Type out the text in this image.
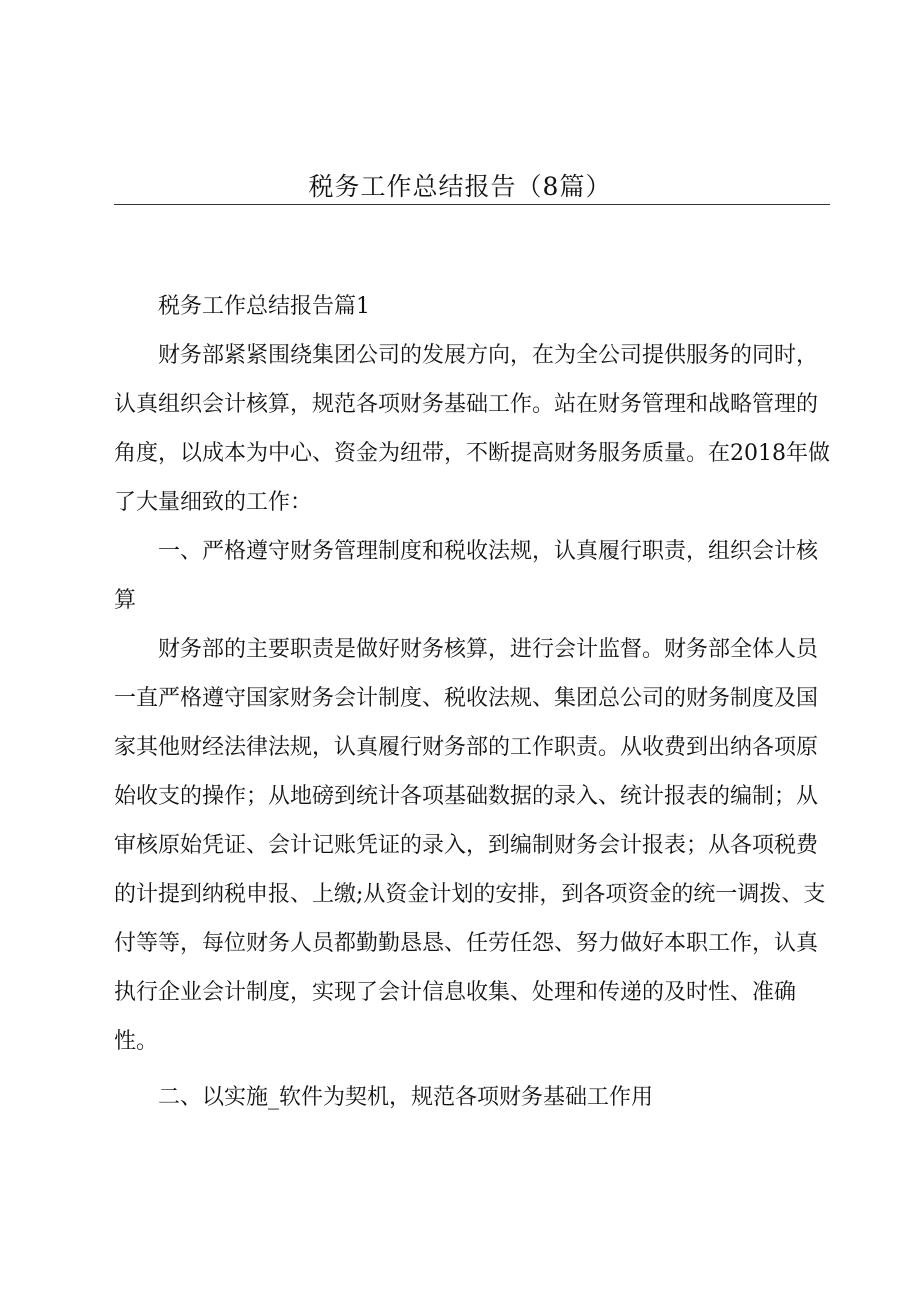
税务工作总结报告（8篇）

税务工作总结报告篇1

财务部紧紧围绕集团公司的发展方向，在为全公司提供服务的同时，认真组织会计核算，规范各项财务基础工作。站在财务管理和战略管理的角度，以成本为中心、资金为纽带，不断提高财务服务质量。在2018年做了大量细致的工作：

一、严格遵守财务管理制度和税收法规，认真履行职责，组织会计核算

财务部的主要职责是做好财务核算，进行会计监督。财务部全体人员一直严格遵守国家财务会计制度、税收法规、集团总公司的财务制度及国家其他财经法律法规，认真履行财务部的工作职责。从收费到出纳各项原始收支的操作；从地磅到统计各项基础数据的录入、统计报表的编制；从审核原始凭证、会计记账凭证的录入，到编制财务会计报表；从各项税费的计提到纳税申报、上缴;从资金计划的安排，到各项资金的统一调拨、支付等等，每位财务人员都勤勤恳恳、任劳任怨、努力做好本职工作，认真执行企业会计制度，实现了会计信息收集、处理和传递的及时性、准确性。

二、以实施_软件为契机，规范各项财务基础工作用
